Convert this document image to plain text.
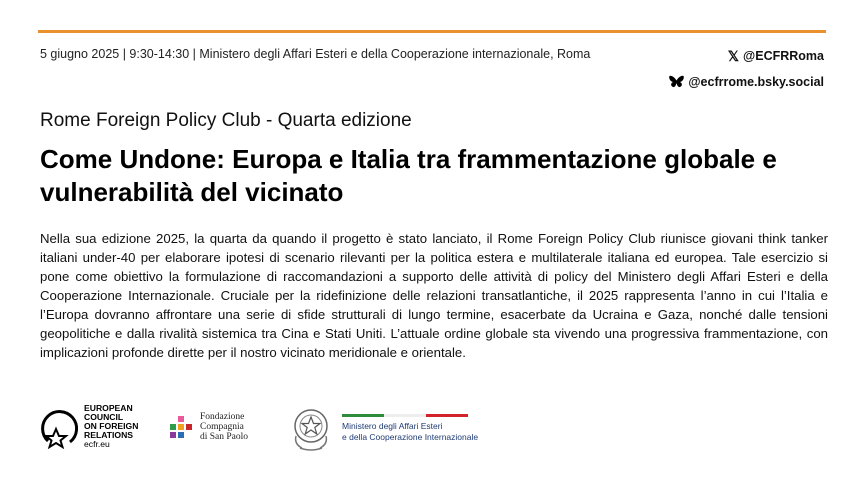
5 giugno 2025 | 9:30-14:30 | Ministero degli Affari Esteri e della Cooperazione internazionale, Roma	𝕏 @ECFRRoma
@ecfrrome.bsky.social
Rome Foreign Policy Club - Quarta edizione
Come Undone: Europa e Italia tra frammentazione globale e vulnerabilità del vicinato
Nella sua edizione 2025, la quarta da quando il progetto è stato lanciato, il Rome Foreign Policy Club riunisce giovani think tanker italiani under-40 per elaborare ipotesi di scenario rilevanti per la politica estera e multilaterale italiana ed europea. Tale esercizio si pone come obiettivo la formulazione di raccomandazioni a supporto delle attività di policy del Ministero degli Affari Esteri e della Cooperazione Internazionale. Cruciale per la ridefinizione delle relazioni transatlantiche, il 2025 rappresenta l’anno in cui l’Italia e l’Europa dovranno affrontare una serie di sfide strutturali di lungo termine, esacerbate da Ucraina e Gaza, nonché dalle tensioni geopolitiche e dalla rivalità sistemica tra Cina e Stati Uniti. L’attuale ordine globale sta vivendo una progressiva frammentazione, con implicazioni profonde dirette per il nostro vicinato meridionale e orientale.
EUROPEAN
COUNCIL
ON FOREIGN
RELATIONS
ecfr.eu
Fondazione
Compagnia
di San Paolo
Ministero degli Affari Esteri
e della Cooperazione Internazionale
